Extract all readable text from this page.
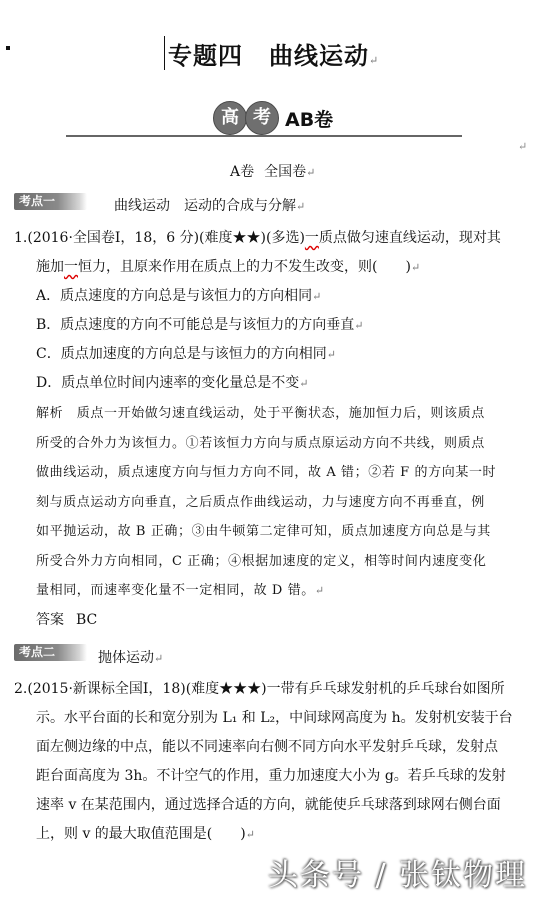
专题四 曲线运动↵
高 考 AB卷
↵
A卷 全国卷↵
考点一	曲线运动　运动的合成与分解↵
1.(2016·全国卷Ⅰ，18，6 分)(难度★★)(多选)一质点做匀速直线运动，现对其
施加一恒力，且原来作用在质点上的力不发生改变，则(　　)↵
A．质点速度的方向总是与该恒力的方向相同↵
B．质点速度的方向不可能总是与该恒力的方向垂直↵
C．质点加速度的方向总是与该恒力的方向相同↵
D．质点单位时间内速率的变化量总是不变↵
解析　质点一开始做匀速直线运动，处于平衡状态，施加恒力后，则该质点
所受的合外力为该恒力。①若该恒力方向与质点原运动方向不共线，则质点
做曲线运动，质点速度方向与恒力方向不同，故 A 错；②若 F 的方向某一时
刻与质点运动方向垂直，之后质点作曲线运动，力与速度方向不再垂直，例
如平抛运动，故 B 正确；③由牛顿第二定律可知，质点加速度方向总是与其
所受合外力方向相同，C 正确；④根据加速度的定义，相等时间内速度变化
量相同，而速率变化量不一定相同，故 D 错。↵
答案 BC
考点二	抛体运动↵
2.(2015·新课标全国Ⅰ，18)(难度★★★)一带有乒乓球发射机的乒乓球台如图所
示。水平台面的长和宽分别为 L₁ 和 L₂，中间球网高度为 h。发射机安装于台
面左侧边缘的中点，能以不同速率向右侧不同方向水平发射乒乓球，发射点
距台面高度为 3h。不计空气的作用，重力加速度大小为 g。若乒乓球的发射
速率 v 在某范围内，通过选择合适的方向，就能使乒乓球落到球网右侧台面
上，则 v 的最大取值范围是(　　)↵
头条号 / 张钛物理
